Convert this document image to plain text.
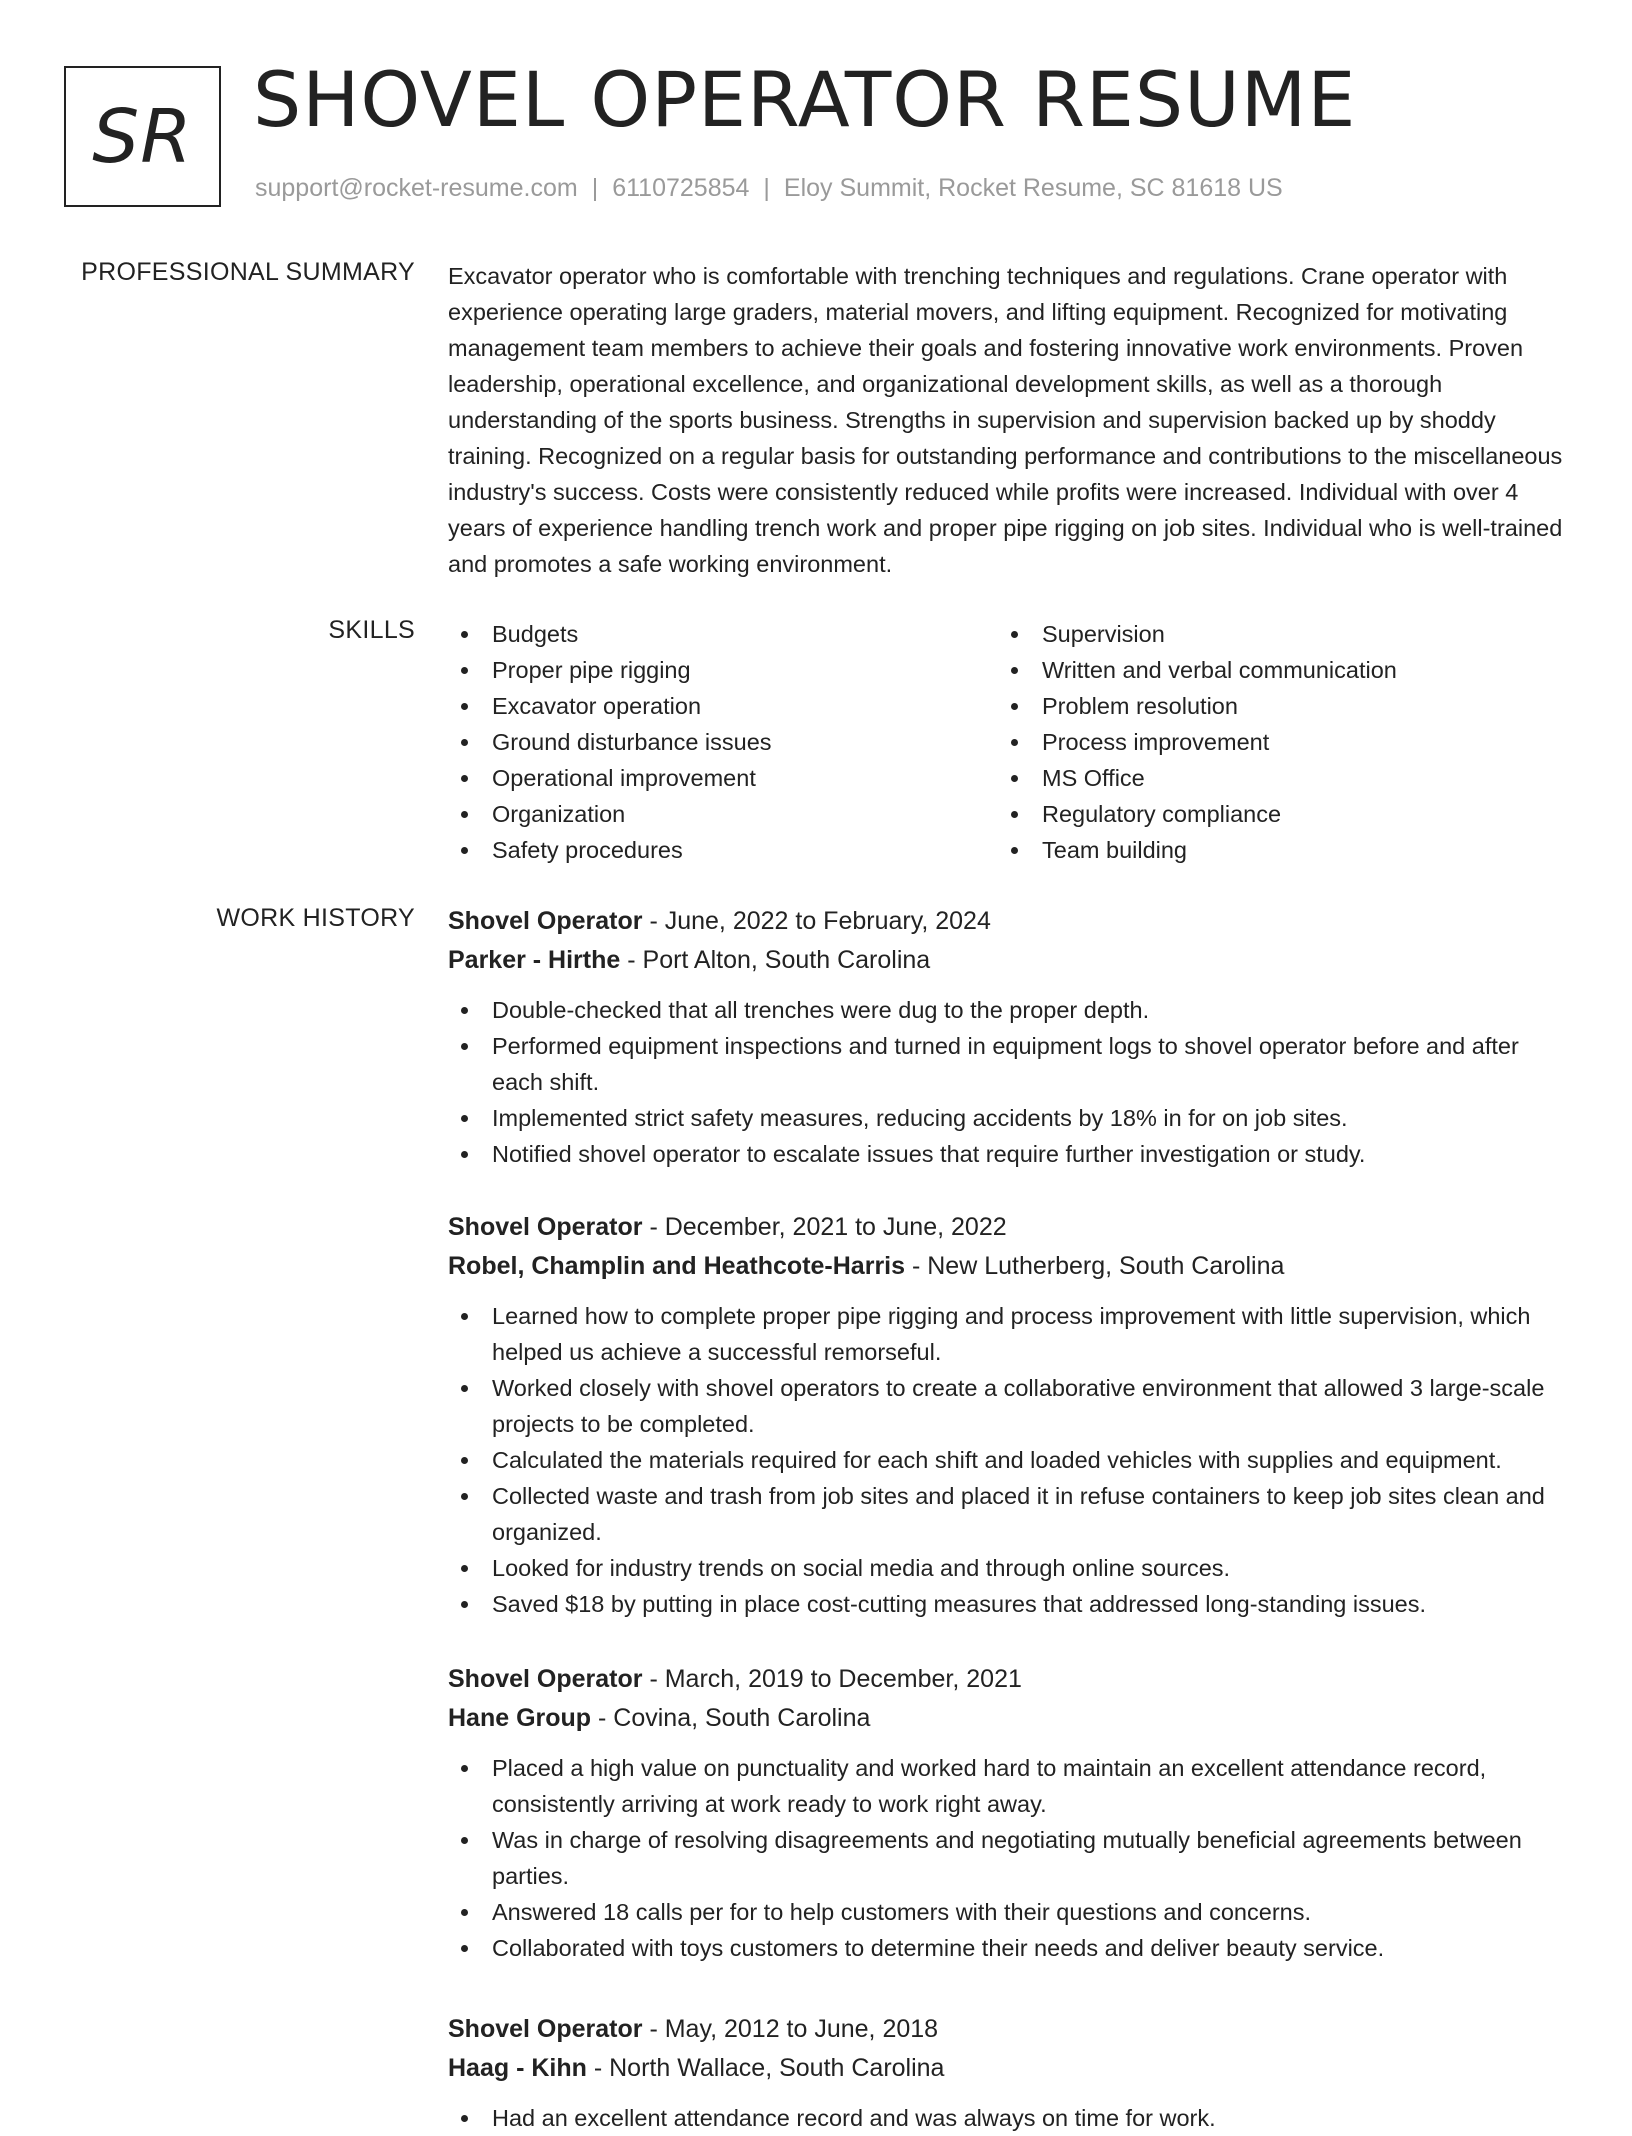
SR SHOVEL OPERATOR RESUME
support@rocket-resume.com | 6110725854 | Eloy Summit, Rocket Resume, SC 81618 US
PROFESSIONAL SUMMARY Excavator operator who is comfortable with trenching techniques and regulations. Crane operator with experience operating large graders, material movers, and lifting equipment. Recognized for motivating management team members to achieve their goals and fostering innovative work environments. Proven leadership, operational excellence, and organizational development skills, as well as a thorough understanding of the sports business. Strengths in supervision and supervision backed up by shoddy training. Recognized on a regular basis for outstanding performance and contributions to the miscellaneous industry's success. Costs were consistently reduced while profits were increased. Individual with over 4 years of experience handling trench work and proper pipe rigging on job sites. Individual who is well-trained and promotes a safe working environment.

SKILLS	Budgets
Proper pipe rigging
Excavator operation
Ground disturbance issues
Operational improvement
Organization
Safety procedures
Supervision
Written and verbal communication
Problem resolution
Process improvement
MS Office
Regulatory compliance
Team building
WORK HISTORY Shovel Operator - June, 2022 to February, 2024
Parker - Hirthe - Port Alton, South Carolina
Double-checked that all trenches were dug to the proper depth.
Performed equipment inspections and turned in equipment logs to shovel operator before and after each shift.
Implemented strict safety measures, reducing accidents by 18% in for on job sites.
Notified shovel operator to escalate issues that require further investigation or study.
Shovel Operator - December, 2021 to June, 2022
Robel, Champlin and Heathcote-Harris - New Lutherberg, South Carolina
Learned how to complete proper pipe rigging and process improvement with little supervision, which helped us achieve a successful remorseful.
Worked closely with shovel operators to create a collaborative environment that allowed 3 large-scale projects to be completed.
Calculated the materials required for each shift and loaded vehicles with supplies and equipment.
Collected waste and trash from job sites and placed it in refuse containers to keep job sites clean and organized.
Looked for industry trends on social media and through online sources.
Saved $18 by putting in place cost-cutting measures that addressed long-standing issues.
Shovel Operator - March, 2019 to December, 2021
Hane Group - Covina, South Carolina
Placed a high value on punctuality and worked hard to maintain an excellent attendance record, consistently arriving at work ready to work right away.
Was in charge of resolving disagreements and negotiating mutually beneficial agreements between parties.
Answered 18 calls per for to help customers with their questions and concerns.
Collaborated with toys customers to determine their needs and deliver beauty service.
Shovel Operator - May, 2012 to June, 2018
Haag - Kihn - North Wallace, South Carolina
Had an excellent attendance record and was always on time for work.
